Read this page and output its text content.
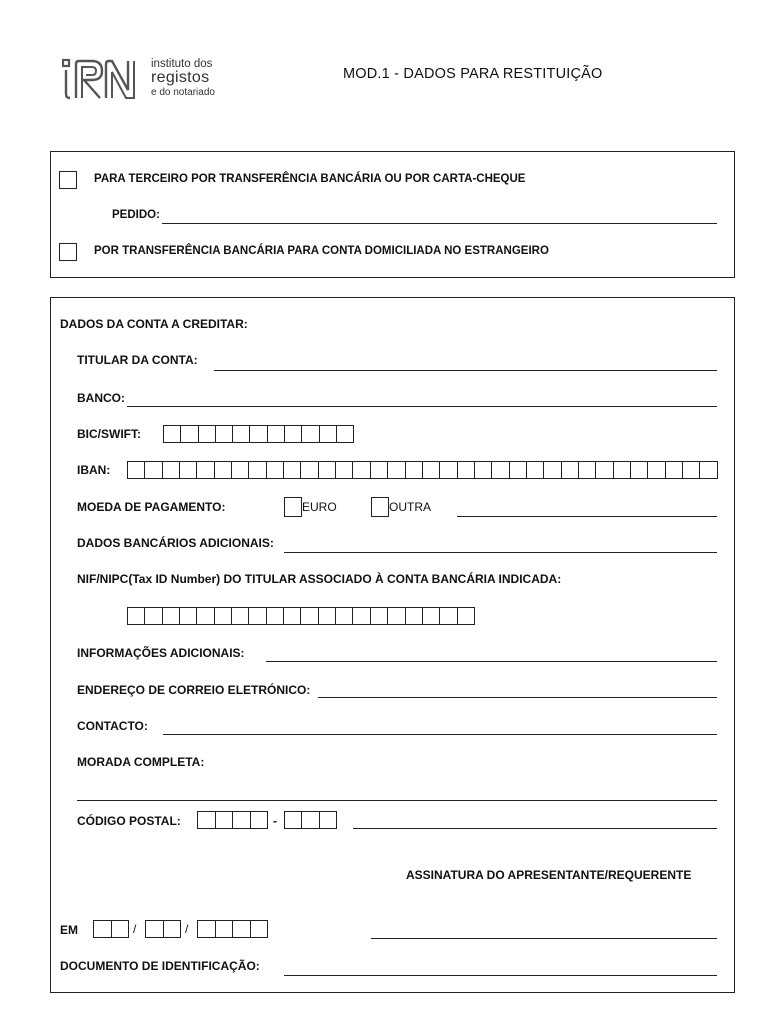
instituto dos
registos
e do notariado
MOD.1 - DADOS PARA RESTITUIÇÃO
PARA TERCEIRO POR TRANSFERÊNCIA BANCÁRIA OU POR CARTA-CHEQUE
PEDIDO:
POR TRANSFERÊNCIA BANCÁRIA PARA CONTA DOMICILIADA NO ESTRANGEIRO
DADOS DA CONTA A CREDITAR:
TITULAR DA CONTA:
BANCO:
BIC/SWIFT:
IBAN:
MOEDA DE PAGAMENTO:	EURO	OUTRA
DADOS BANCÁRIOS ADICIONAIS:
NIF/NIPC(Tax ID Number) DO TITULAR ASSOCIADO À CONTA BANCÁRIA INDICADA:
INFORMAÇÕES ADICIONAIS:
ENDEREÇO DE CORREIO ELETRÓNICO:
CONTACTO:
MORADA COMPLETA:
CÓDIGO POSTAL:	-
ASSINATURA DO APRESENTANTE/REQUERENTE
EM	/	/
DOCUMENTO DE IDENTIFICAÇÃO:
